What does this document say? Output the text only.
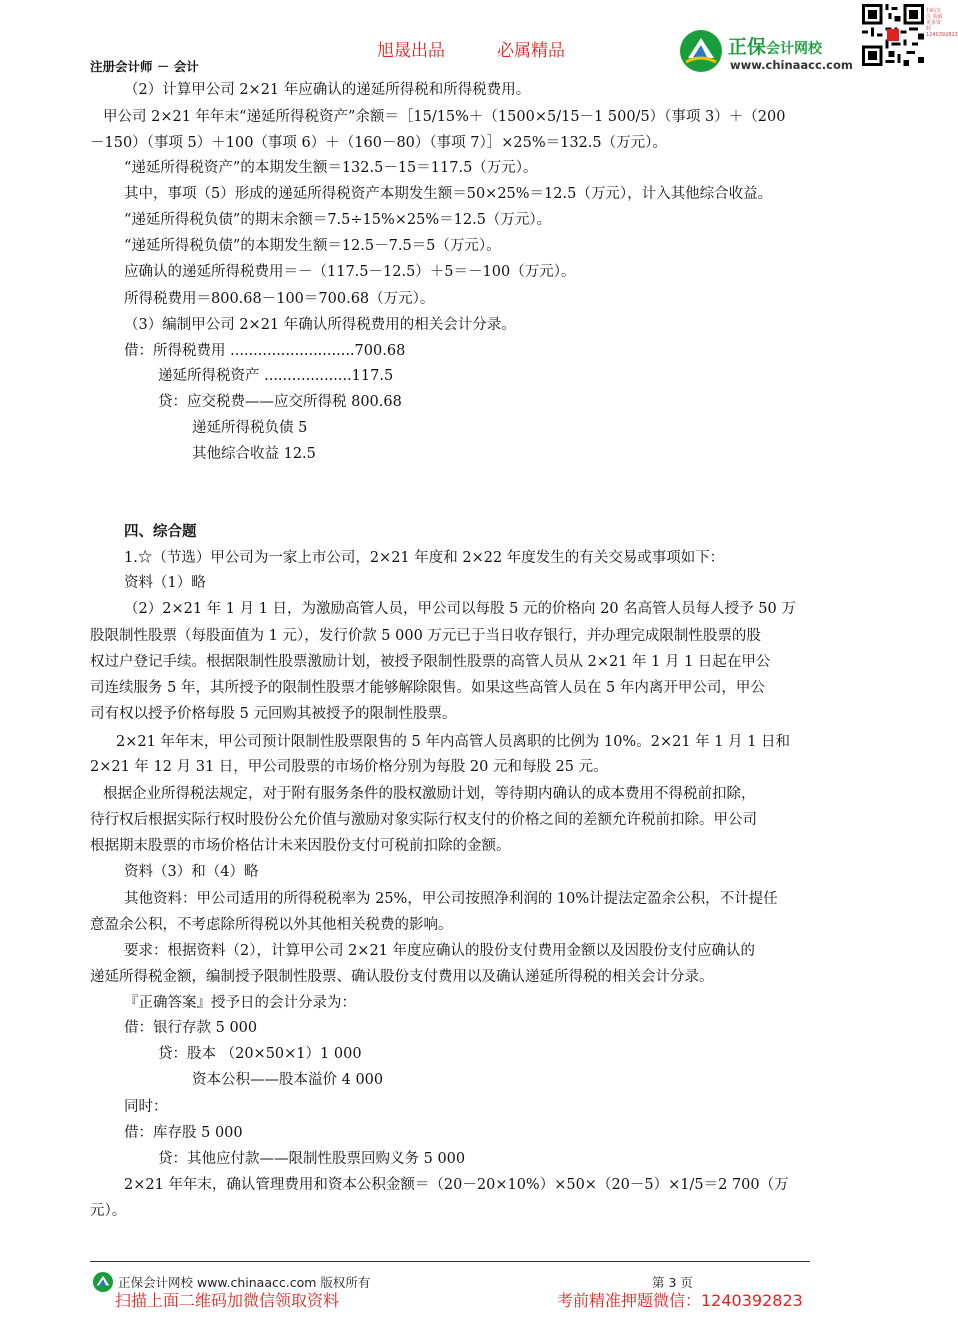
旭晟出品	必属精品
注册会计师 － 会计
正保会计网校
www.chinaacc.com
扫码关注 获取更多资料 1240392823
（2）计算甲公司 2×21 年应确认的递延所得税和所得税费用。
甲公司 2×21 年年末“递延所得税资产”余额＝［15/15%＋（1500×5/15－1 500/5）（事项 3）＋（200
－150）（事项 5）＋100（事项 6）＋（160－80）（事项 7）］×25%＝132.5（万元）。
“递延所得税资产”的本期发生额＝132.5－15＝117.5（万元）。
其中，事项（5）形成的递延所得税资产本期发生额＝50×25%＝12.5（万元），计入其他综合收益。
“递延所得税负债”的期末余额＝7.5÷15%×25%＝12.5（万元）。
“递延所得税负债”的本期发生额＝12.5－7.5＝5（万元）。
应确认的递延所得税费用＝－（117.5－12.5）＋5＝－100（万元）。
所得税费用＝800.68－100＝700.68（万元）。
（3）编制甲公司 2×21 年确认所得税费用的相关会计分录。
借：所得税费用 ...........................700.68
递延所得税资产 ...................117.5
贷：应交税费——应交所得税 800.68
递延所得税负债 5
其他综合收益 12.5
四、综合题
1.☆（节选）甲公司为一家上市公司，2×21 年度和 2×22 年度发生的有关交易或事项如下：
资料（1）略
（2）2×21 年 1 月 1 日，为激励高管人员，甲公司以每股 5 元的价格向 20 名高管人员每人授予 50 万
股限制性股票（每股面值为 1 元），发行价款 5 000 万元已于当日收存银行，并办理完成限制性股票的股
权过户登记手续。根据限制性股票激励计划，被授予限制性股票的高管人员从 2×21 年 1 月 1 日起在甲公
司连续服务 5 年，其所授予的限制性股票才能够解除限售。如果这些高管人员在 5 年内离开甲公司，甲公
司有权以授予价格每股 5 元回购其被授予的限制性股票。
2×21 年年末，甲公司预计限制性股票限售的 5 年内高管人员离职的比例为 10%。2×21 年 1 月 1 日和
2×21 年 12 月 31 日，甲公司股票的市场价格分别为每股 20 元和每股 25 元。
根据企业所得税法规定，对于附有服务条件的股权激励计划，等待期内确认的成本费用不得税前扣除，
待行权后根据实际行权时股份公允价值与激励对象实际行权支付的价格之间的差额允许税前扣除。甲公司
根据期末股票的市场价格估计未来因股份支付可税前扣除的金额。
资料（3）和（4）略
其他资料：甲公司适用的所得税税率为 25%，甲公司按照净利润的 10%计提法定盈余公积，不计提任
意盈余公积，不考虑除所得税以外其他相关税费的影响。
要求：根据资料（2），计算甲公司 2×21 年度应确认的股份支付费用金额以及因股份支付应确认的
递延所得税金额，编制授予限制性股票、确认股份支付费用以及确认递延所得税的相关会计分录。
『正确答案』授予日的会计分录为：
借：银行存款 5 000
贷：股本 （20×50×1）1 000
资本公积——股本溢价 4 000
同时：
借：库存股 5 000
贷：其他应付款——限制性股票回购义务 5 000
2×21 年年末，确认管理费用和资本公积金额＝（20－20×10%）×50×（20－5）×1/5＝2 700（万
元）。
正保会计网校 www.chinaacc.com 版权所有	第 3 页
扫描上面二维码加微信领取资料	考前精准押题微信：1240392823
